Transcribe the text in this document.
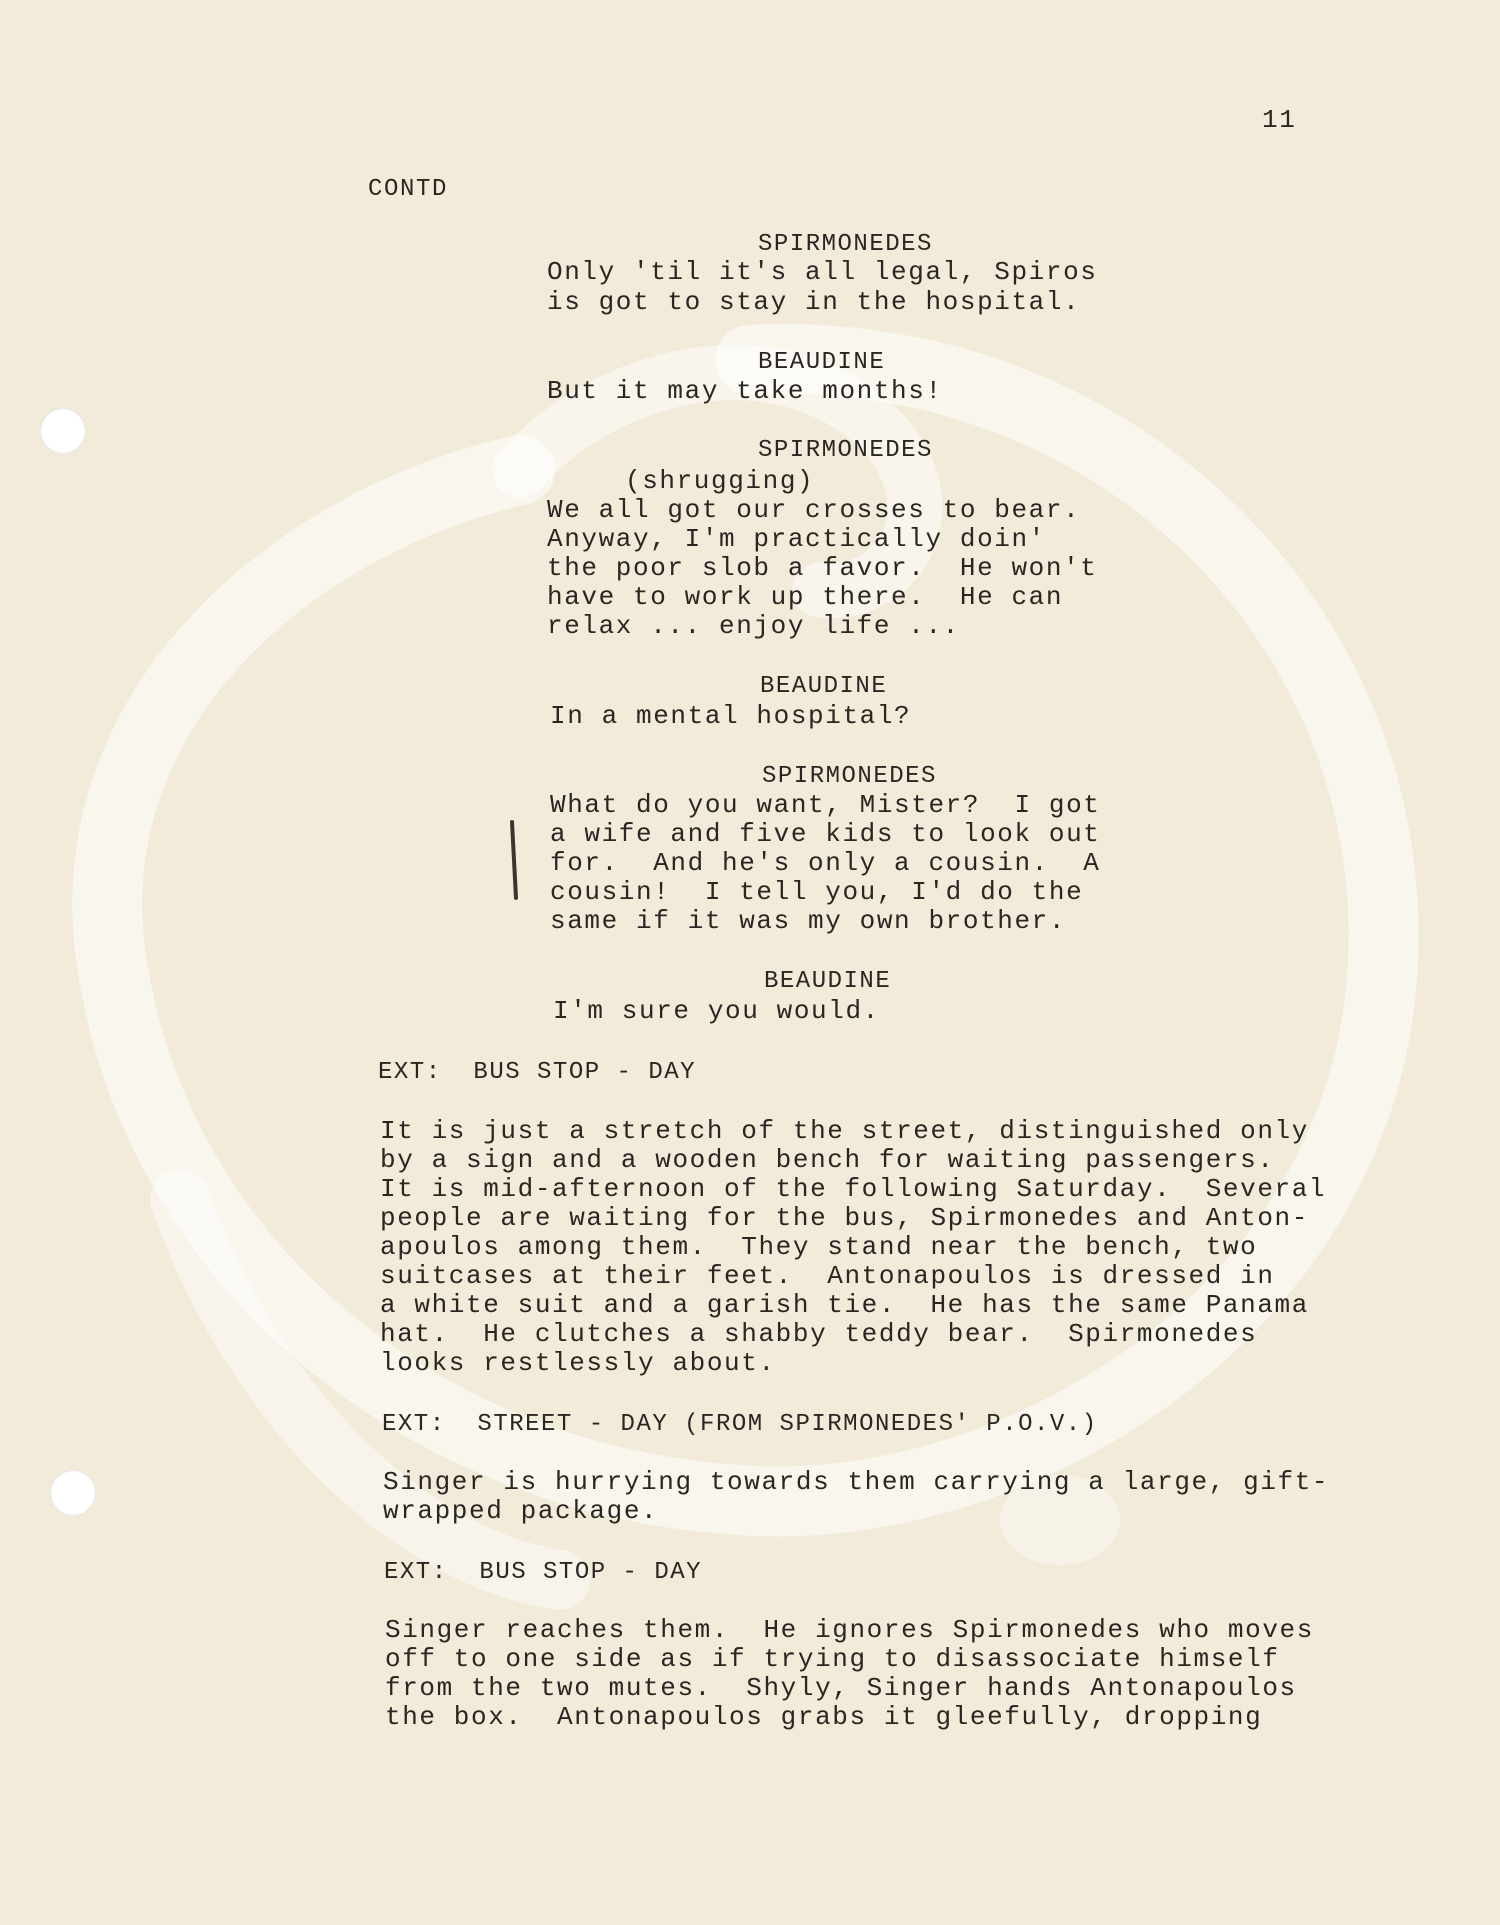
11
CONTD
SPIRMONEDES
Only 'til it's all legal, Spiros
is got to stay in the hospital.
BEAUDINE
But it may take months!
SPIRMONEDES
(shrugging)
We all got our crosses to bear.
Anyway, I'm practically doin'
the poor slob a favor.  He won't
have to work up there.  He can
relax ... enjoy life ...
BEAUDINE
In a mental hospital?
SPIRMONEDES
What do you want, Mister?  I got
a wife and five kids to look out
for.  And he's only a cousin.  A
cousin!  I tell you, I'd do the
same if it was my own brother.
BEAUDINE
I'm sure you would.
EXT:  BUS STOP - DAY
It is just a stretch of the street, distinguished only
by a sign and a wooden bench for waiting passengers.
It is mid-afternoon of the following Saturday.  Several
people are waiting for the bus, Spirmonedes and Anton-
apoulos among them.  They stand near the bench, two
suitcases at their feet.  Antonapoulos is dressed in
a white suit and a garish tie.  He has the same Panama
hat.  He clutches a shabby teddy bear.  Spirmonedes
looks restlessly about.
EXT:  STREET - DAY (FROM SPIRMONEDES' P.O.V.)
Singer is hurrying towards them carrying a large, gift-
wrapped package.
EXT:  BUS STOP - DAY
Singer reaches them.  He ignores Spirmonedes who moves
off to one side as if trying to disassociate himself
from the two mutes.  Shyly, Singer hands Antonapoulos
the box.  Antonapoulos grabs it gleefully, dropping
